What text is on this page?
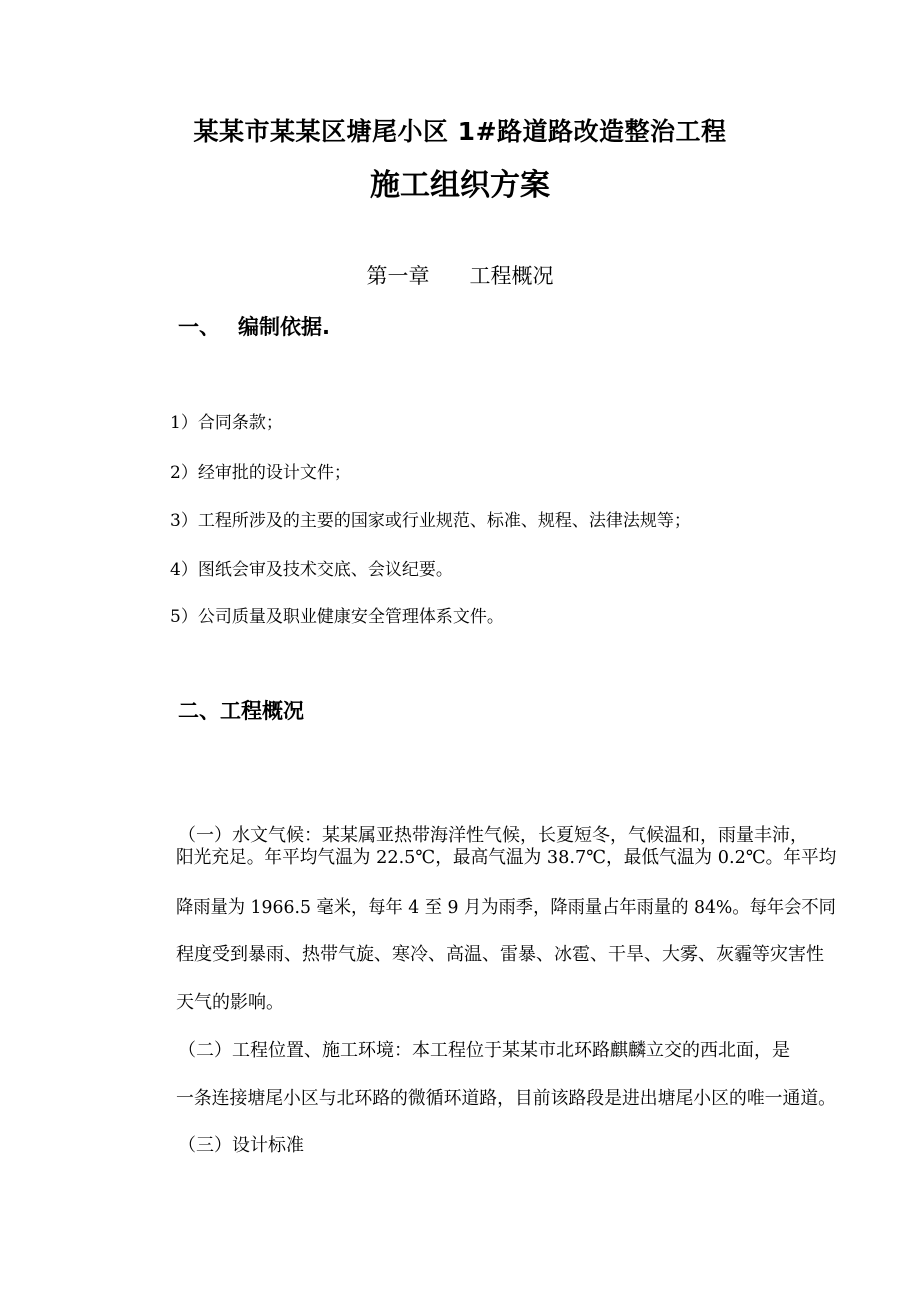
某某市某某区塘尾小区 1#路道路改造整治工程
施工组织方案
第一章 工程概况
一、 编制依据.
1）合同条款；
2）经审批的设计文件；
3）工程所涉及的主要的国家或行业规范、标准、规程、法律法规等；
4）图纸会审及技术交底、会议纪要。
5）公司质量及职业健康安全管理体系文件。
二、工程概况
（一）水文气候：某某属亚热带海洋性气候，长夏短冬，气候温和，雨量丰沛，
阳光充足。年平均气温为 22.5℃，最高气温为 38.7℃，最低气温为 0.2℃。年平均
降雨量为 1966.5 毫米，每年 4 至 9 月为雨季，降雨量占年雨量的 84%。每年会不同
程度受到暴雨、热带气旋、寒冷、高温、雷暴、冰雹、干旱、大雾、灰霾等灾害性
天气的影响。
（二）工程位置、施工环境：本工程位于某某市北环路麒麟立交的西北面，是
一条连接塘尾小区与北环路的微循环道路，目前该路段是进出塘尾小区的唯一通道。
（三）设计标准
